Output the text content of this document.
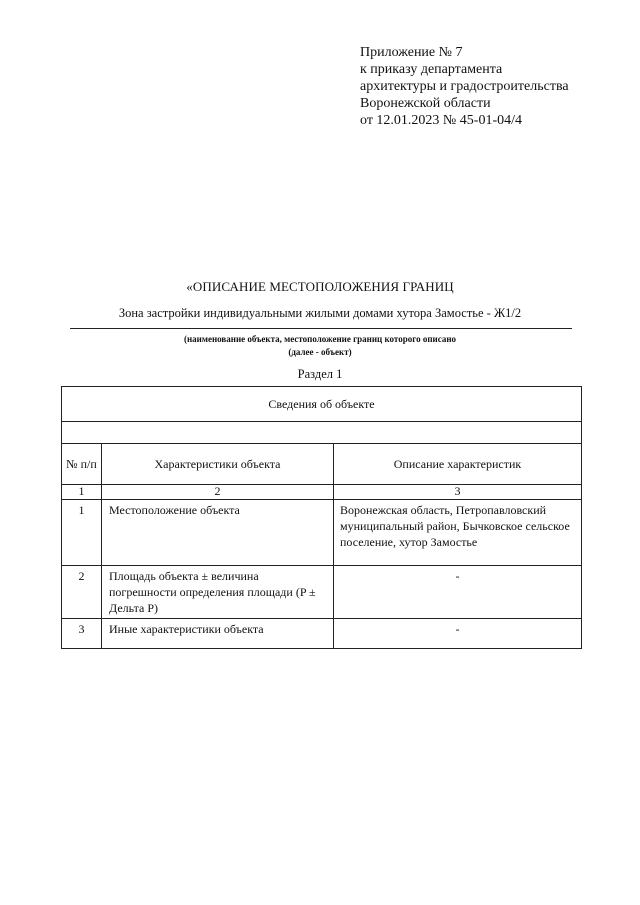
Приложение № 7
к приказу департамента
архитектуры и градостроительства
Воронежской области
от 12.01.2023 № 45-01-04/4
«ОПИСАНИЕ МЕСТОПОЛОЖЕНИЯ ГРАНИЦ
Зона застройки индивидуальными жилыми домами хутора Замостье - Ж1/2
(наименование объекта, местоположение границ которого описано
(далее - объект)
Раздел 1
Сведения об объекте		

№ п/п	Характеристики объекта	Описание характеристик
1	2	3
1	Местоположение объекта	Воронежская область, Петропавловский муниципальный район, Бычковское сельское поселение, хутор Замостье
2	Площадь объекта ± величина погрешности определения площади (P ± Дельта P)	-
3	Иные характеристики объекта	-
